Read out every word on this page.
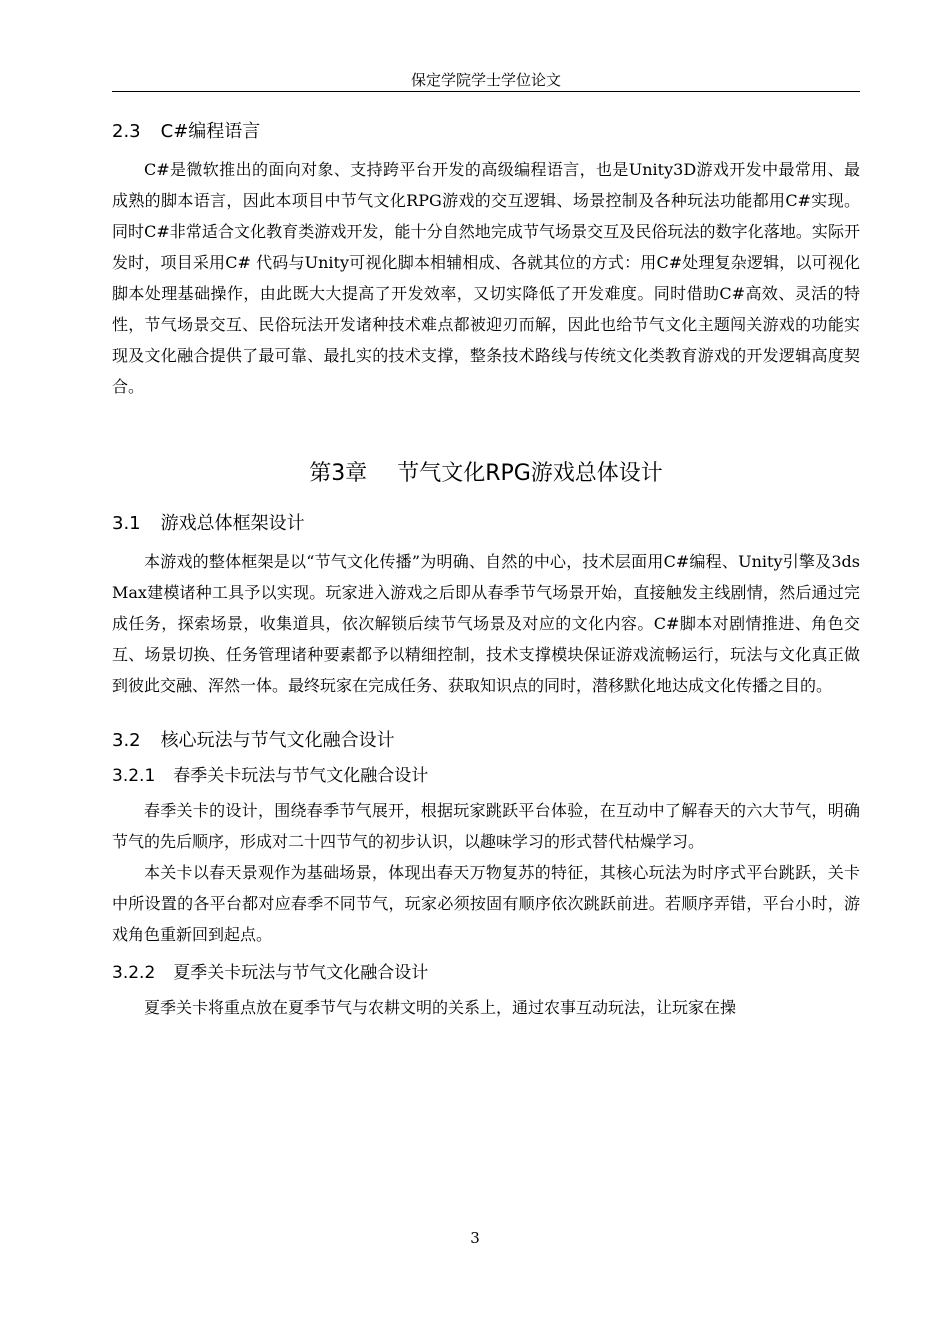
保定学院学士学位论文
2.3 C#编程语言

C#是微软推出的面向对象、支持跨平台开发的高级编程语言，也是Unity3D游戏开发中最常用、最成熟的脚本语言，因此本项目中节气文化RPG游戏的交互逻辑、场景控制及各种玩法功能都用C#实现。同时C#非常适合文化教育类游戏开发，能十分自然地完成节气场景交互及民俗玩法的数字化落地。实际开发时，项目采用C# 代码与Unity可视化脚本相辅相成、各就其位的方式：用C#处理复杂逻辑，以可视化脚本处理基础操作，由此既大大提高了开发效率，又切实降低了开发难度。同时借助C#高效、灵活的特性，节气场景交互、民俗玩法开发诸种技术难点都被迎刃而解，因此也给节气文化主题闯关游戏的功能实现及文化融合提供了最可靠、最扎实的技术支撑，整条技术路线与传统文化类教育游戏的开发逻辑高度契合。

第3章 节气文化RPG游戏总体设计
3.1 游戏总体框架设计

本游戏的整体框架是以“节气文化传播”为明确、自然的中心，技术层面用C#编程、Unity引擎及3ds Max建模诸种工具予以实现。玩家进入游戏之后即从春季节气场景开始，直接触发主线剧情，然后通过完成任务，探索场景，收集道具，依次解锁后续节气场景及对应的文化内容。C#脚本对剧情推进、角色交互、场景切换、任务管理诸种要素都予以精细控制，技术支撑模块保证游戏流畅运行，玩法与文化真正做到彼此交融、浑然一体。最终玩家在完成任务、获取知识点的同时，潜移默化地达成文化传播之目的。

3.2 核心玩法与节气文化融合设计
3.2.1 春季关卡玩法与节气文化融合设计

春季关卡的设计，围绕春季节气展开，根据玩家跳跃平台体验，在互动中了解春天的六大节气，明确节气的先后顺序，形成对二十四节气的初步认识，以趣味学习的形式替代枯燥学习。

本关卡以春天景观作为基础场景，体现出春天万物复苏的特征，其核心玩法为时序式平台跳跃，关卡中所设置的各平台都对应春季不同节气，玩家必须按固有顺序依次跳跃前进。若顺序弄错，平台小时，游戏角色重新回到起点。

3.2.2 夏季关卡玩法与节气文化融合设计

夏季关卡将重点放在夏季节气与农耕文明的关系上，通过农事互动玩法，让玩家在操

3
